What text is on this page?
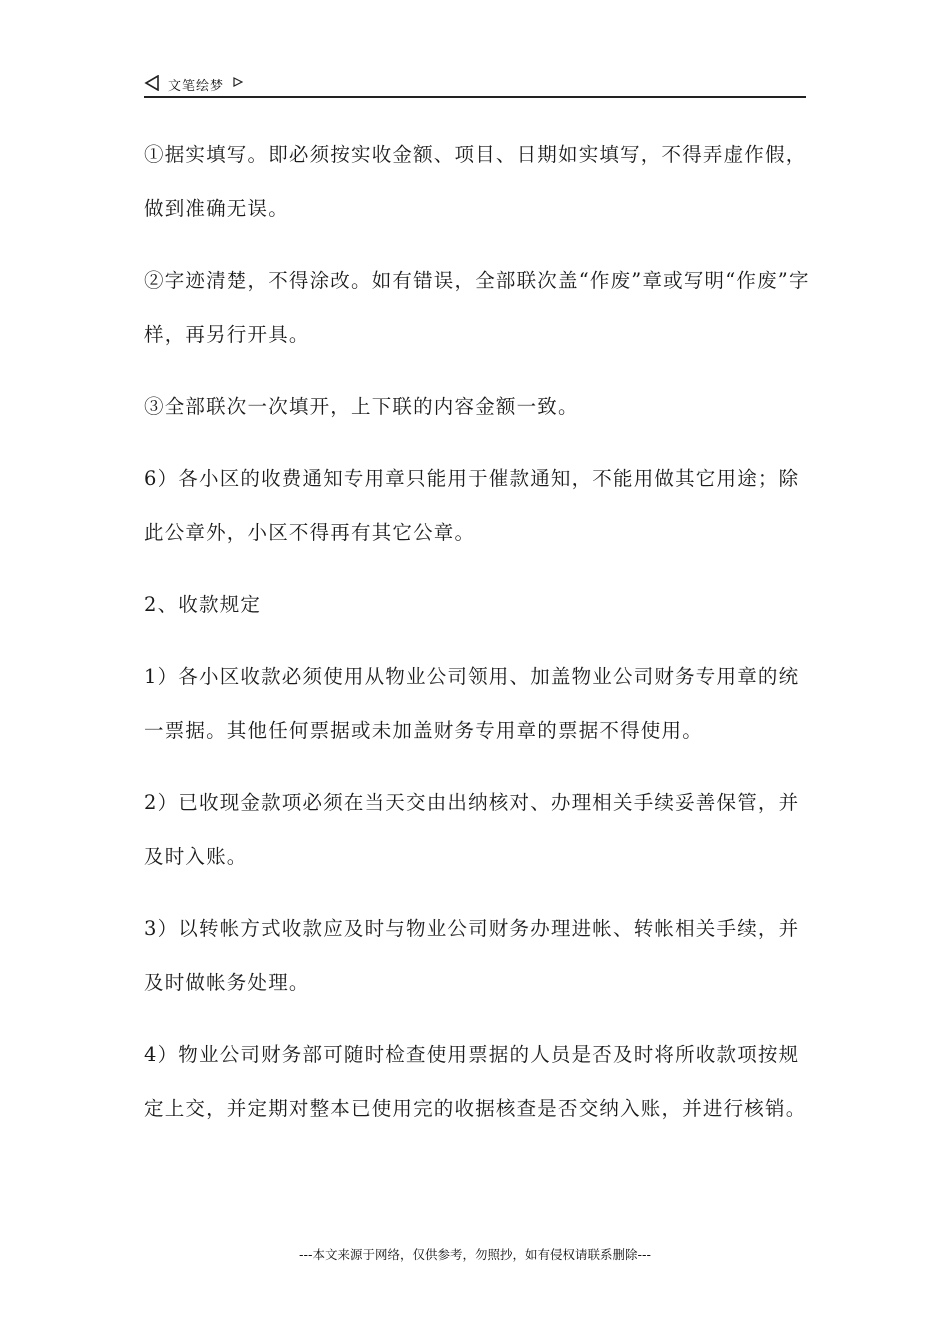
文笔绘梦

①据实填写。即必须按实收金额、项目、日期如实填写，不得弄虚作假，做到准确无误。

②字迹清楚，不得涂改。如有错误，全部联次盖“作废”章或写明“作废”字样，再另行开具。

③全部联次一次填开，上下联的内容金额一致。

6）各小区的收费通知专用章只能用于催款通知，不能用做其它用途；除此公章外，小区不得再有其它公章。

2、收款规定

1）各小区收款必须使用从物业公司领用、加盖物业公司财务专用章的统一票据。其他任何票据或未加盖财务专用章的票据不得使用。

2）已收现金款项必须在当天交由出纳核对、办理相关手续妥善保管，并及时入账。

3）以转帐方式收款应及时与物业公司财务办理进帐、转帐相关手续，并及时做帐务处理。

4）物业公司财务部可随时检查使用票据的人员是否及时将所收款项按规定上交，并定期对整本已使用完的收据核查是否交纳入账，并进行核销。

---本文来源于网络，仅供参考，勿照抄，如有侵权请联系删除---
